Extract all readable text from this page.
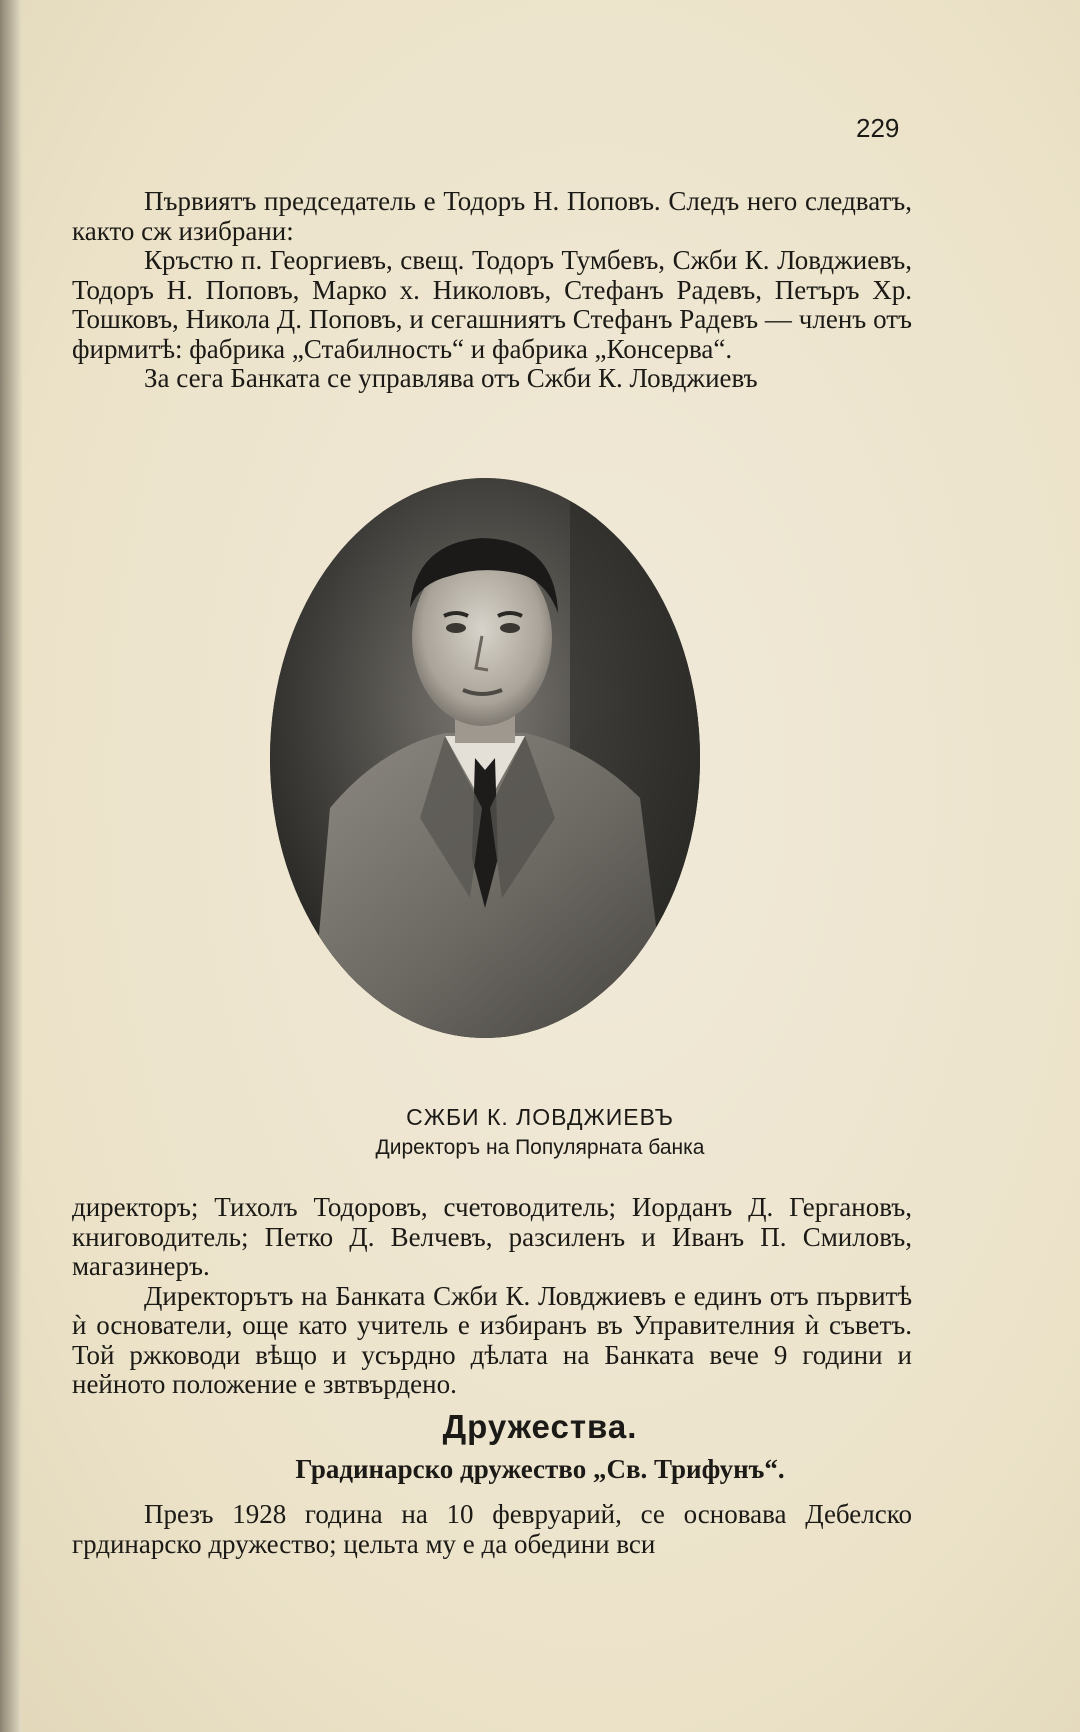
229

Първиятъ председатель е Тодоръ Н. Поповъ. Следъ него следватъ, както сж изибрани:

Кръстю п. Георгиевъ, свещ. Тодоръ Тумбевъ, Сжби К. Ловджиевъ, Тодоръ Н. Поповъ, Марко х. Николовъ, Стефанъ Радевъ, Петъръ Хр. Тошковъ, Никола Д. Поповъ, и сегашниятъ Стефанъ Радевъ — членъ отъ фирмитѣ: фабрика „Стабилность“ и фабрика „Консерва“.

За сега Банката се управлява отъ Сжби К. Ловджиевъ

СЖБИ К. ЛОВДЖИЕВЪ
Директоръ на Популярната банка

директоръ; Тихолъ Тодоровъ, счетоводитель; Иорданъ Д. Гергановъ, книговодитель; Петко Д. Велчевъ, разсиленъ и Иванъ П. Смиловъ, магазинеръ.

Директорътъ на Банката Сжби К. Ловджиевъ е единъ отъ първитѣ ѝ основатели, още като учитель е избиранъ въ Управителния ѝ съветъ. Той ржководи вѣщо и усърдно дѣлата на Банката вече 9 години и нейното положение е звтвърдено.

Дружества.
Градинарско дружество „Св. Трифунъ“.

Презъ 1928 година на 10 февруарий, се основава Дебелско грдинарско дружество; цельта му е да обедини вси
